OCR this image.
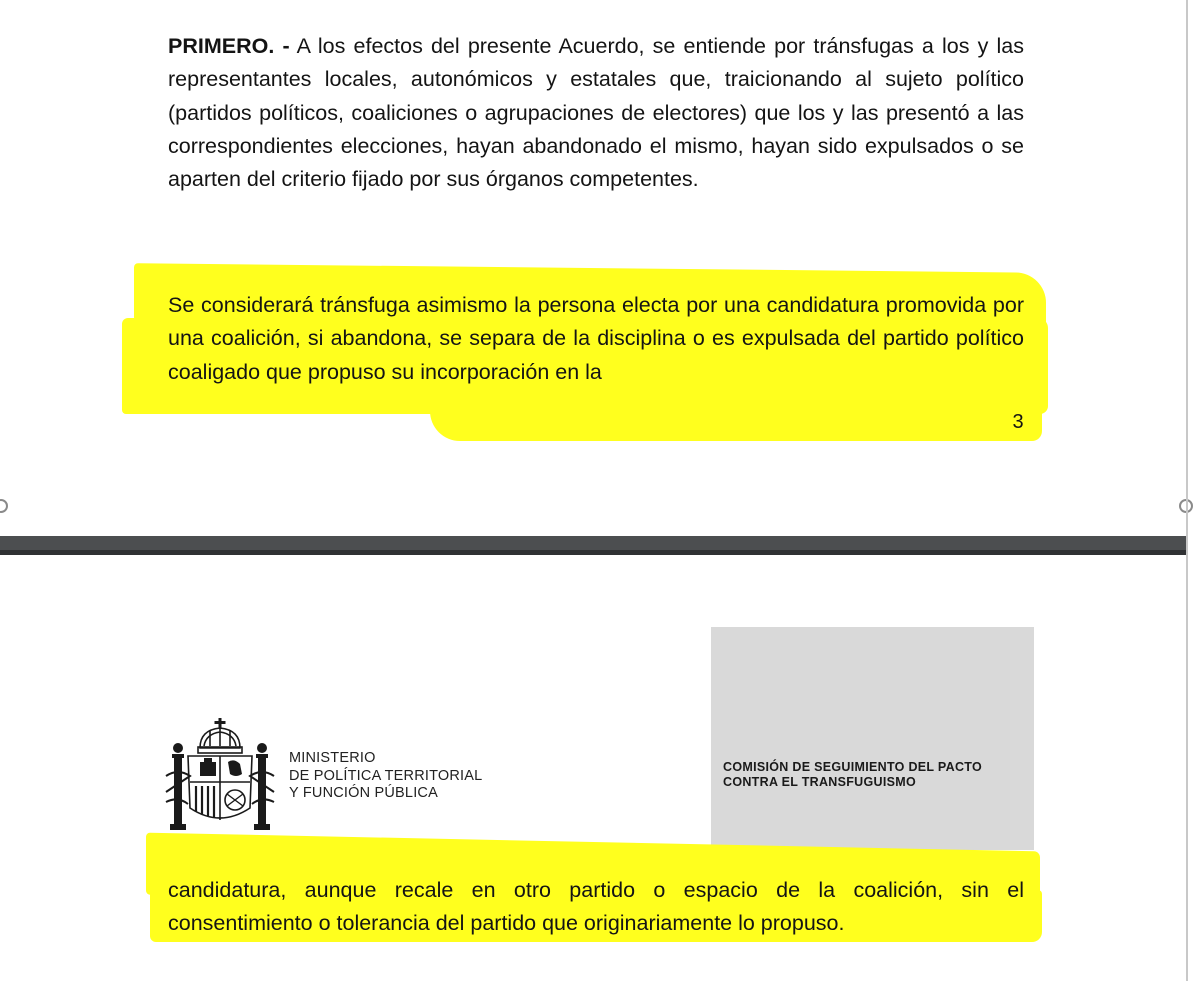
PRIMERO. - A los efectos del presente Acuerdo, se entiende por tránsfugas a los y las representantes locales, autonómicos y estatales que, traicionando al sujeto político (partidos políticos, coaliciones o agrupaciones de electores) que los y las presentó a las correspondientes elecciones, hayan abandonado el mismo, hayan sido expulsados o se aparten del criterio fijado por sus órganos competentes.

Se considerará tránsfuga asimismo la persona electa por una candidatura promovida por una coalición, si abandona, se separa de la disciplina o es expulsada del partido político coaligado que propuso su incorporación en la

3
MINISTERIO
DE POLÍTICA TERRITORIAL
Y FUNCIÓN PÚBLICA
COMISIÓN DE SEGUIMIENTO DEL PACTO
CONTRA EL TRANSFUGUISMO

candidatura, aunque recale en otro partido o espacio de la coalición, sin el consentimiento o tolerancia del partido que originariamente lo propuso.
